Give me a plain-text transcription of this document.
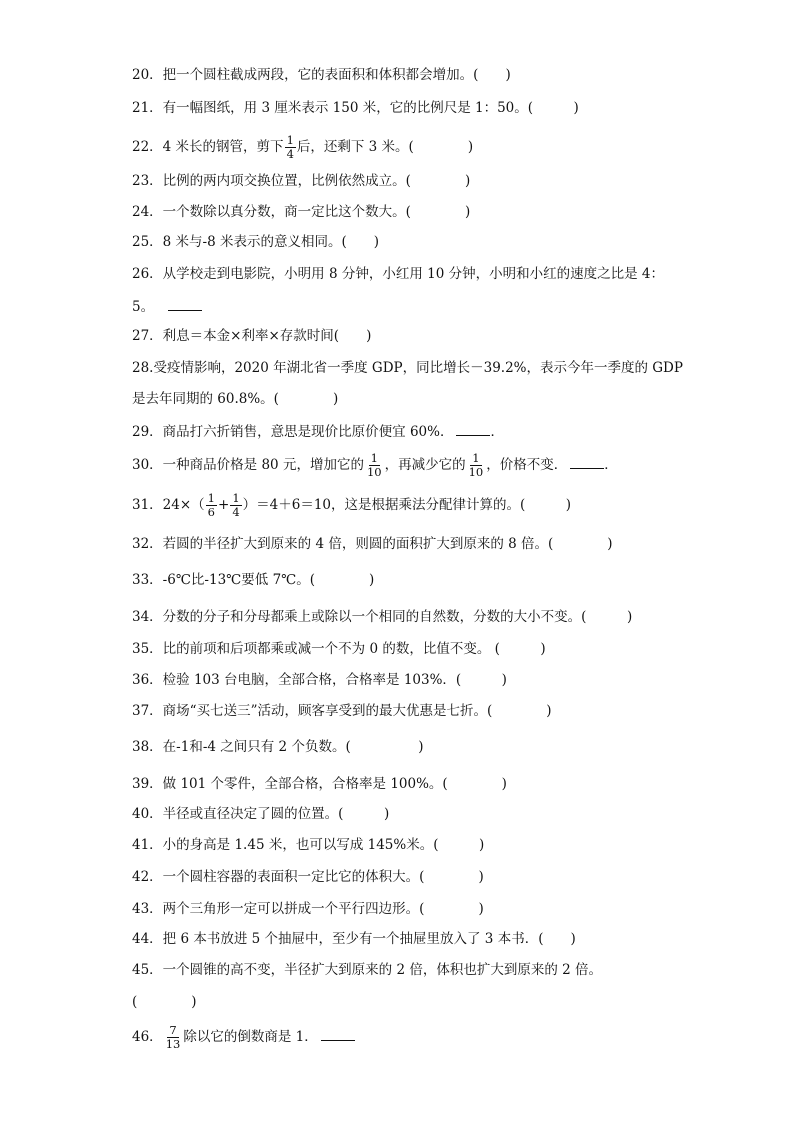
20．把一个圆柱截成两段，它的表面积和体积都会增加。(　　)
21．有一幅图纸，用 3 厘米表示 150 米，它的比例尺是 1：50。(　　　)
22．4 米长的钢管，剪下 $\frac{1}{4}$ 后，还剩下 3 米。(　　　　)
23．比例的两内项交换位置，比例依然成立。(　　　　)
24．一个数除以真分数，商一定比这个数大。(　　　　)
25．8 米与-8 米表示的意义相同。(　　)
26．从学校走到电影院，小明用 8 分钟，小红用 10 分钟，小明和小红的速度之比是 4：
5。
27．利息＝本金×利率×存款时间(　　)
28.受疫情影响，2020 年湖北省一季度 GDP，同比增长－39.2%，表示今年一季度的 GDP
是去年同期的 60.8%。(　　　　)
29．商品打六折销售，意思是现价比原价便宜 60%．	．
30．一种商品价格是 80 元，增加它的 $\frac{1}{10}$ ，再减少它的 $\frac{1}{10}$ ，价格不变．	．
31．$24\times( \frac{1}{6} + \frac{1}{4} )=4+6=10$，这是根据乘法分配律计算的。(　　　)
32．若圆的半径扩大到原来的 4 倍，则圆的面积扩大到原来的 8 倍。(　　　　)
33．-6℃比-13℃要低 7℃。(　　　　)
34．分数的分子和分母都乘上或除以一个相同的自然数，分数的大小不变。(　　　)
35．比的前项和后项都乘或减一个不为 0 的数，比值不变。 (　　　)
36．检验 103 台电脑，全部合格，合格率是 103%．(　　　)
37．商场“买七送三”活动，顾客享受到的最大优惠是七折。(　　　　)
38．在-1和-4 之间只有 2 个负数。(　　　　　)
39．做 101 个零件，全部合格，合格率是 100%。(　　　　)
40．半径或直径决定了圆的位置。(　　　)
41．小的身高是 1.45 米，也可以写成 145%米。(　　　)
42．一个圆柱容器的表面积一定比它的体积大。(　　　　)
43．两个三角形一定可以拼成一个平行四边形。(　　　　)
44．把 6 本书放进 5 个抽屉中，至少有一个抽屉里放入了 3 本书．(　　)
45．一个圆锥的高不变，半径扩大到原来的 2 倍，体积也扩大到原来的 2 倍。
(　　　　)
46． $\frac{7}{13}$ 除以它的倒数商是 1．
